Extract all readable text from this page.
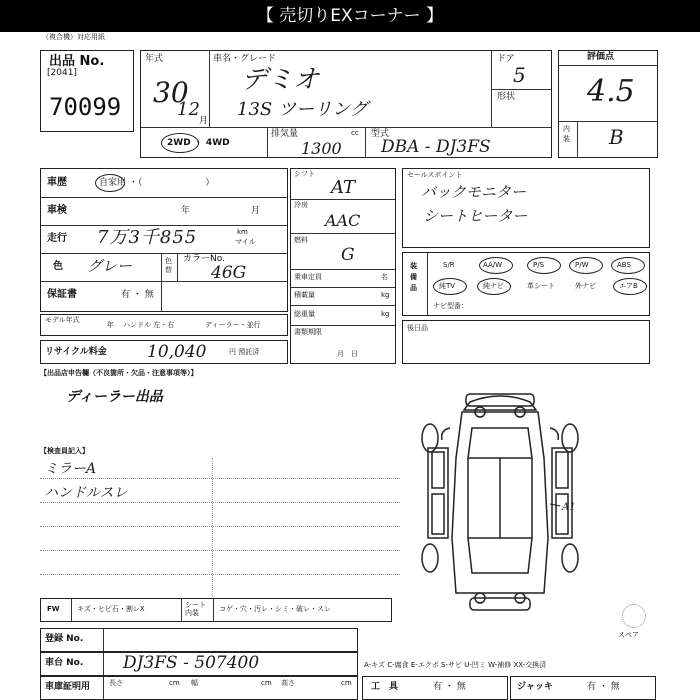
【 売切りEXコーナー 】
（複合機）対応用紙
出品 No.
[2041]
70099
年式
30
12
月
車名・グレード
デミオ
13S ツーリング
ドア
5
形状
2WD ・ 4WD
排気量	cc
1300
型式
DBA - DJ3FS
評価点
4.5
内装 B
車歴	自家用 ・（　　　　　　　）
車検	年	月
走行 7万3千855	km
マイル
色 グレー	色替
カラーNo.
46G
保証書	有 ・ 無
モデル年式
年 ハンドル 左・右	ディーラー・並行
リサイクル料金 10,040	円 預託済
シフト
AT
冷房
AAC
燃料
G
乗車定員	名
積載量	kg
総重量	kg
書類期限
月　日
セールスポイント
バックモニター
シートヒーター
装備品
S/R	AA/W	P/S	P/W	ABS
純TV	純ナビ	革シート	外ナビ	エアB
ナビ型番：
後日品
【出品店申告欄（不良箇所・欠品・注意事項等）】
ディーラー出品
【検査員記入】
ミラーA
ハンドルスレ
A1
スペア
FW キズ・ヒビ石・割レX	シート内装
コゲ・穴・汚レ・シミ・破レ・スレ
登録 No.
車台 No. DJ3FS - 507400	A-キズ C-腐食 E-エクボ S-サビ U-凹ミ W-補修 XX-交換済
車庫証明用	長さ	cm 幅	cm 高さ	cm 工　具	有 ・ 無	ジャッキ	有 ・ 無
